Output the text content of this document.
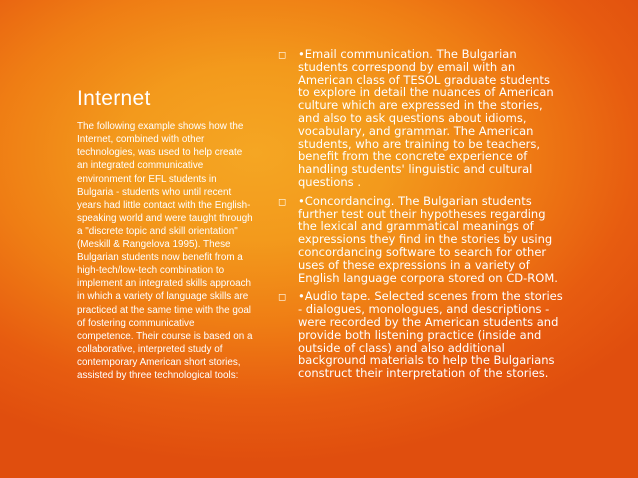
Internet

The following example shows how the Internet, combined with other technologies, was used to help create an integrated communicative environment for EFL students in Bulgaria - students who until recent years had little contact with the English-speaking world and were taught through a "discrete topic and skill orientation" (Meskill & Rangelova 1995). These Bulgarian students now benefit from a high-tech/low-tech combination to implement an integrated skills approach in which a variety of language skills are practiced at the same time with the goal of fostering communicative competence. Their course is based on a collaborative, interpreted study of contemporary American short stories, assisted by three technological tools:

◻	•Email communication. The Bulgarian students correspond by email with an American class of TESOL graduate students to explore in detail the nuances of American culture which are expressed in the stories, and also to ask questions about idioms, vocabulary, and grammar. The American students, who are training to be teachers, benefit from the concrete experience of handling students' linguistic and cultural questions .

◻	•Concordancing. The Bulgarian students further test out their hypotheses regarding the lexical and grammatical meanings of expressions they find in the stories by using concordancing software to search for other uses of these expressions in a variety of English language corpora stored on CD-ROM.

◻	•Audio tape. Selected scenes from the stories - dialogues, monologues, and descriptions - were recorded by the American students and provide both listening practice (inside and outside of class) and also additional background materials to help the Bulgarians construct their interpretation of the stories.
